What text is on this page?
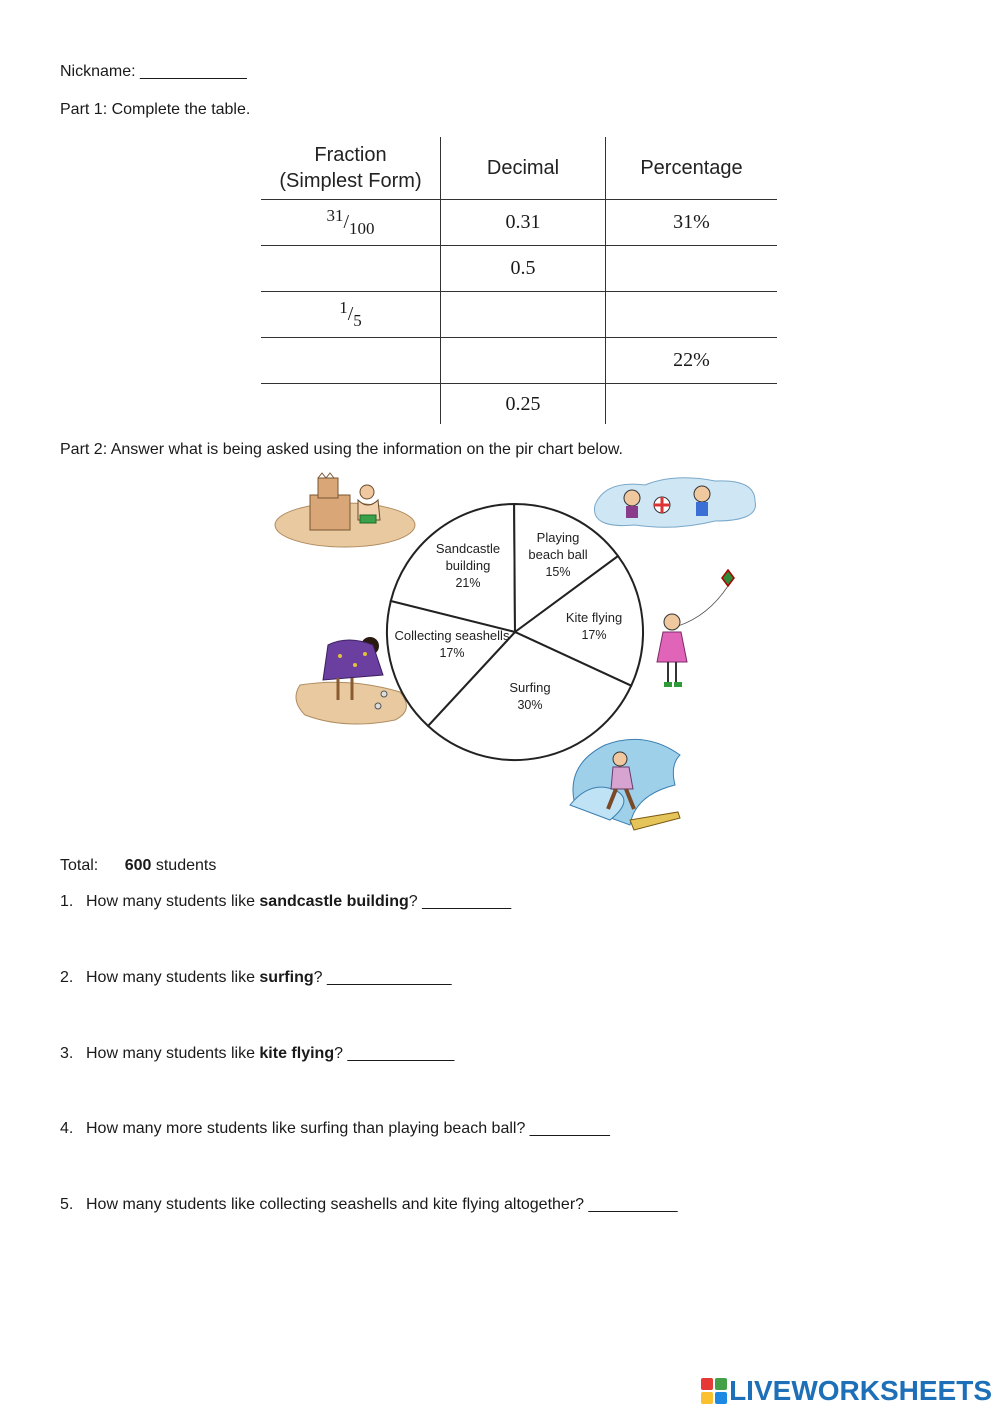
Nickname: ____________
Part 1: Complete the table.
Fraction
(Simplest Form)	Decimal	Percentage
$^{31}/_{100}$	0.31	31%
	0.5	
$^1/_5$		
		22%
	0.25	
Part 2: Answer what is being asked using the information on the pir chart below.
Sandcastle
building
21%
Playing
beach ball
15%
Kite flying
17%
Surfing
30%
Collecting seashells
17%
Total: 600 students
1. How many students like sandcastle building? __________
2. How many students like surfing? ______________
3. How many students like kite flying? ____________
4. How many more students like surfing than playing beach ball? _________
5. How many students like collecting seashells and kite flying altogether? __________
LIVEWORKSHEETS
